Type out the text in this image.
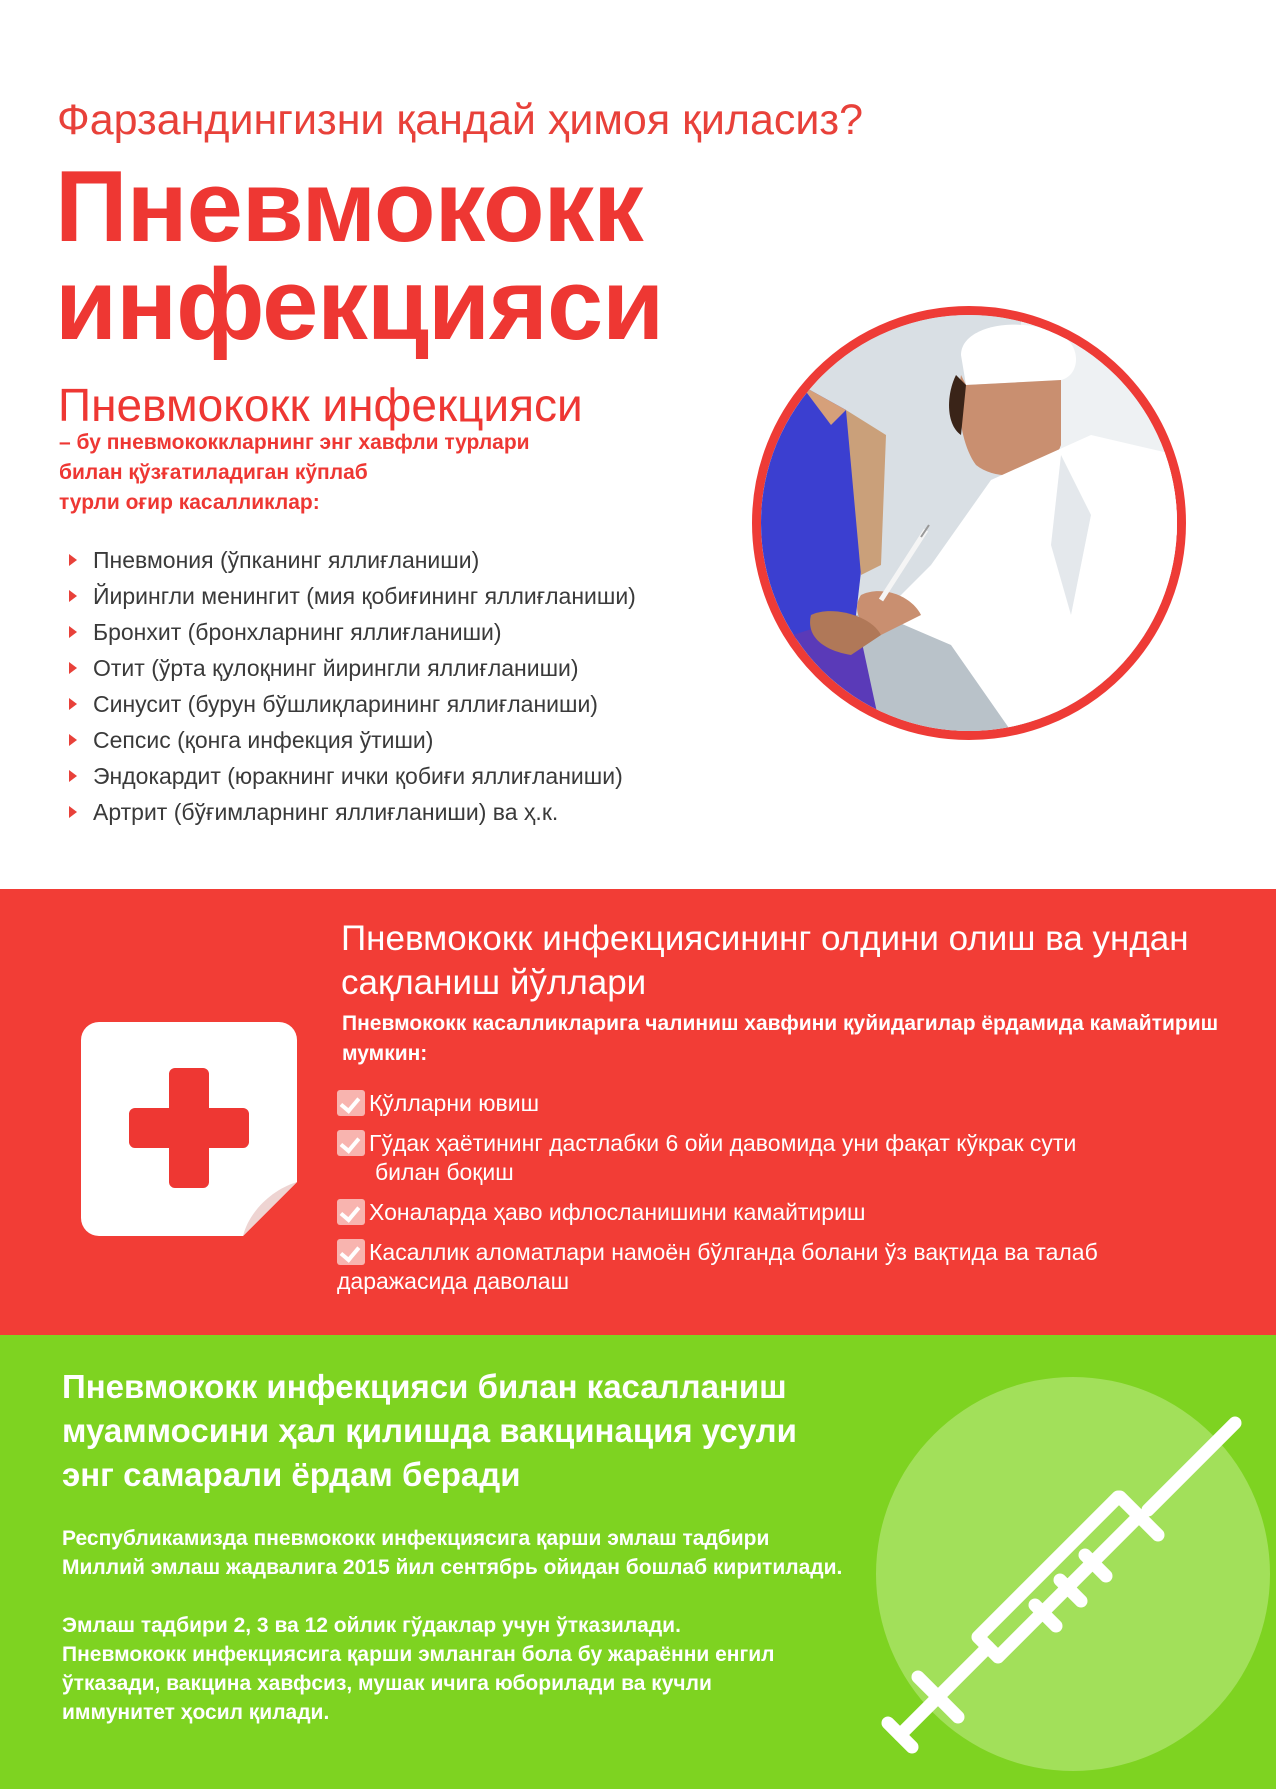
Фарзандингизни қандай ҳимоя қиласиз?
Пневмококк
инфекцияси
Пневмококк инфекцияси

– бу пневмококкларнинг энг хавфли турлари
билан қўзғатиладиган кўплаб
турли оғир касалликлар:

Пневмония (ўпканинг яллиғланиши)
Йирингли менингит (мия қобиғининг яллиғланиши)
Бронхит (бронхларнинг яллиғланиши)
Отит (ўрта қулоқнинг йирингли яллиғланиши)
Синусит (бурун бўшлиқларининг яллиғланиши)
Сепсис (қонга инфекция ўтиши)
Эндокардит (юракнинг ички қобиғи яллиғланиши)
Артрит (бўғимларнинг яллиғланиши) ва ҳ.к.
Пневмококк инфекциясининг олдини олиш ва ундан сақланиш йўллари

Пневмококк касалликларига чалиниш хавфини қуйидагилар ёрдамида камайтириш мумкин:

Қўлларни ювиш
Гўдак ҳаётининг дастлабки 6 ойи давомида уни фақат кўкрак сути
билан боқиш
Хоналарда ҳаво ифлосланишини камайтириш
Касаллик аломатлари намоён бўлганда болани ўз вақтида ва талаб
даражасида даволаш
Пневмококк инфекцияси билан касалланиш
муаммосини ҳал қилишда вакцинация усули
энг самарали ёрдам беради

Республикамизда пневмококк инфекциясига қарши эмлаш тадбири
Миллий эмлаш жадвалига 2015 йил сентябрь ойидан бошлаб киритилади.
Эмлаш тадбири 2, 3 ва 12 ойлик гўдаклар учун ўтказилади.
Пневмококк инфекциясига қарши эмланган бола бу жараённи енгил
ўтказади, вакцина хавфсиз, мушак ичига юборилади ва кучли
иммунитет ҳосил қилади.
